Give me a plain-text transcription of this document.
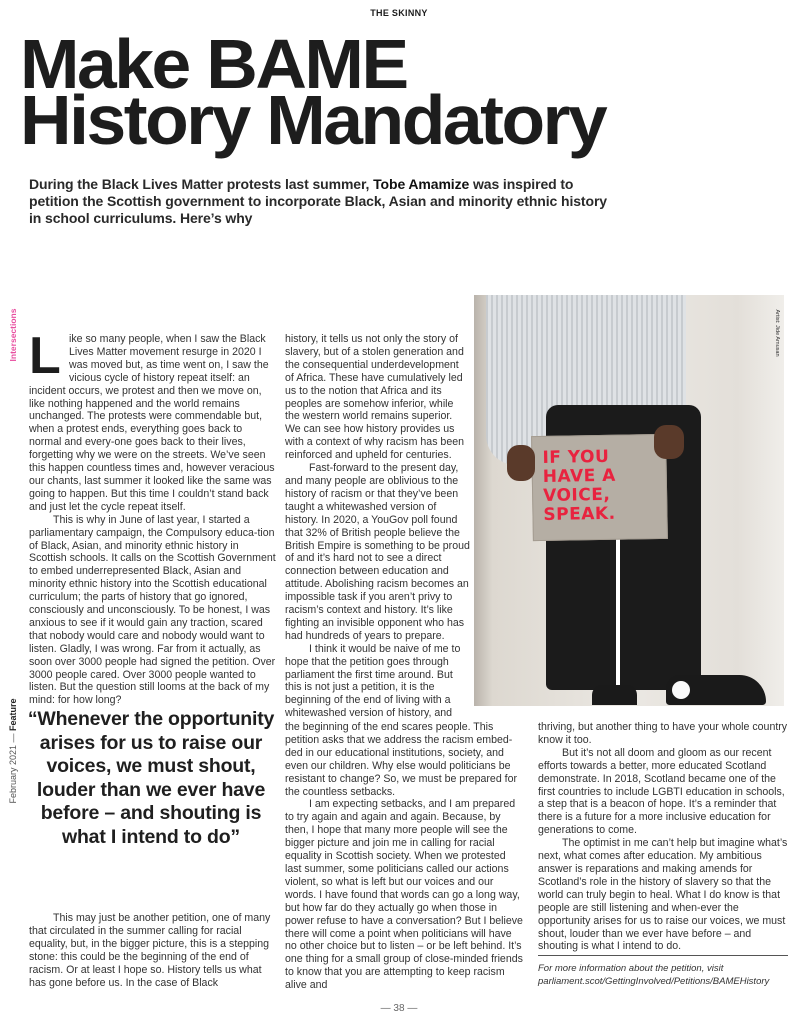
THE SKINNY
Make BAME
History Mandatory

During the Black Lives Matter protests last summer, Tobe Amamize was inspired to petition the Scottish government to incorporate Black, Asian and minority ethnic history in school curriculums. Here’s why

Intersections
February 2021 — Feature
L ike so many people, when I saw the Black Lives Matter movement resurge in 2020 I was moved but, as time went on, I saw the vicious cycle of history repeat itself: an incident occurs, we protest and then we move on, like nothing happened and the world remains unchanged. The protests were commendable but, when a protest ends, everything goes back to normal and every-one goes back to their lives, forgetting why we were on the streets. We’ve seen this happen countless times and, however veracious our chants, last summer it looked like the same was going to happen. But this time I couldn’t stand back and just let the cycle repeat itself.

This is why in June of last year, I started a parliamentary campaign, the Compulsory educa-tion of Black, Asian, and minority ethnic history in Scottish schools. It calls on the Scottish Government to embed underrepresented Black, Asian and minority ethnic history into the Scottish educational curriculum; the parts of history that go ignored, consciously and unconsciously. To be honest, I was anxious to see if it would gain any traction, scared that nobody would care and nobody would want to listen. Gladly, I was wrong. Far from it actually, as soon over 3000 people had signed the petition. Over 3000 people cared. Over 3000 people wanted to listen. But the question still looms at the back of my mind: for how long?

“Whenever the opportunity arises for us to raise our voices, we must shout, louder than we ever have before – and shouting is what I intend to do”

This may just be another petition, one of many that circulated in the summer calling for racial equality, but, in the bigger picture, this is a stepping stone: this could be the beginning of the end of racism. Or at least I hope so. History tells us what has gone before us. In the case of Black

history, it tells us not only the story of slavery, but of a stolen generation and the consequential underdevelopment of Africa. These have cumulatively led us to the notion that Africa and its peoples are somehow inferior, while the western world remains superior. We can see how history provides us with a context of why racism has been reinforced and upheld for centuries.

Fast-forward to the present day, and many people are oblivious to the history of racism or that they’ve been taught a whitewashed version of history. In 2020, a YouGov poll found that 32% of British people believe the British Empire is something to be proud of and it’s hard not to see a direct connection between education and attitude. Abolishing racism becomes an impossible task if you aren’t privy to racism’s context and history. It’s like fighting an invisible opponent who has had hundreds of years to prepare.

I think it would be naive of me to hope that the petition goes through parliament the first time around. But this is not just a petition, it is the beginning of the end of living with a whitewashed version of history, and

the beginning of the end scares people. This petition asks that we address the racism embed-ded in our educational institutions, society, and even our children. Why else would politicians be resistant to change? So, we must be prepared for the countless setbacks.

I am expecting setbacks, and I am prepared to try again and again and again. Because, by then, I hope that many more people will see the bigger picture and join me in calling for racial equality in Scottish society. When we protested last summer, some politicians called our actions violent, so what is left but our voices and our words. I have found that words can go a long way, but how far do they actually go when those in power refuse to have a conversation? But I believe there will come a point when politicians will have no other choice but to listen – or be left behind. It’s one thing for a small group of close-minded friends to know that you are attempting to keep racism alive and

thriving, but another thing to have your whole country know it too.

But it’s not all doom and gloom as our recent efforts towards a better, more educated Scotland demonstrate. In 2018, Scotland became one of the first countries to include LGBTI education in schools, a step that is a beacon of hope. It’s a reminder that there is a future for a more inclusive education for generations to come.

The optimist in me can’t help but imagine what’s next, what comes after education. My ambitious answer is reparations and making amends for Scotland’s role in the history of slavery so that the world can truly begin to heal. What I do know is that people are still listening and when-ever the opportunity arises for us to raise our voices, we must shout, louder than we ever have before – and shouting is what I intend to do.

IF YOU
HAVE A
VOICE,
SPEAK.
Artist: Jide Amusan
For more information about the petition, visit
parliament.scot/GettingInvolved/Petitions/BAMEHistory
— 38 —
